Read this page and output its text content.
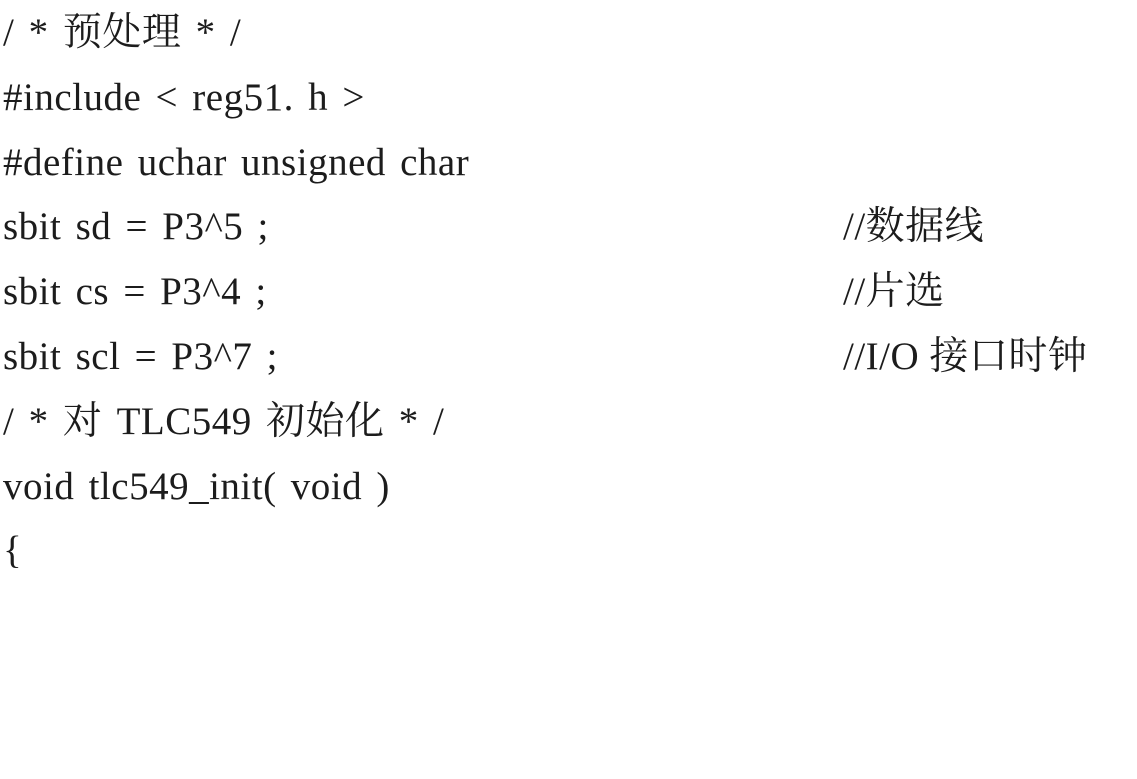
/ * 预处理 * /

#include < reg51. h >

#define uchar unsigned char

sbit sd = P3^5 ;

	//数据线

sbit cs = P3^4 ;

	//片选

sbit scl = P3^7 ;

	//I/O 接口时钟

/ * 对 TLC549 初始化 * /

void tlc549_init( void )

{
